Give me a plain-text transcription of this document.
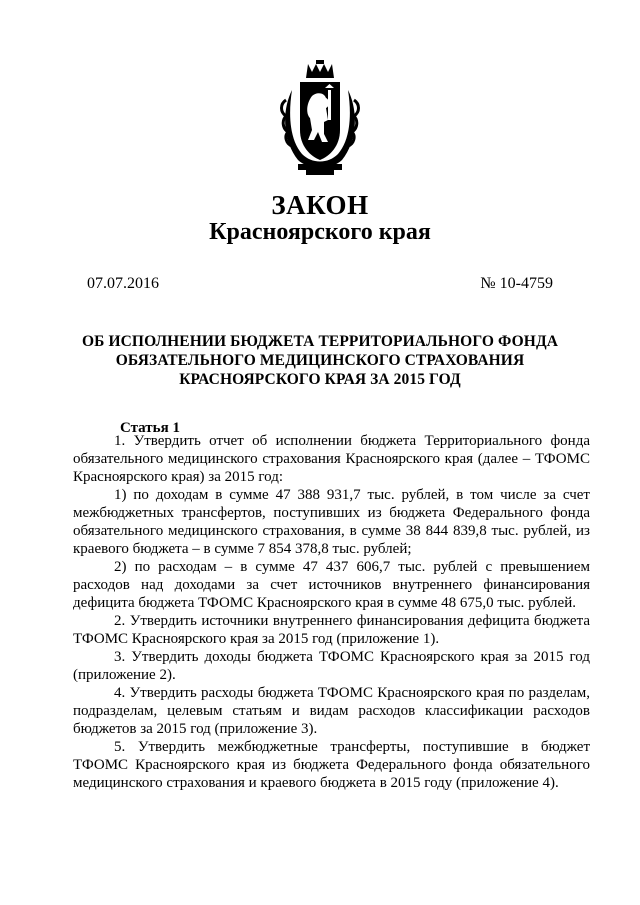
ЗАКОН
Красноярского края
07.07.2016	№ 10-4759
ОБ ИСПОЛНЕНИИ БЮДЖЕТА ТЕРРИТОРИАЛЬНОГО ФОНДА
ОБЯЗАТЕЛЬНОГО МЕДИЦИНСКОГО СТРАХОВАНИЯ
КРАСНОЯРСКОГО КРАЯ ЗА 2015 ГОД
Статья 1

1. Утвердить отчет об исполнении бюджета Территориального фонда обязательного медицинского страхования Красноярского края (далее – ТФОМС Красноярского края) за 2015 год:

1) по доходам в сумме 47 388 931,7 тыс. рублей, в том числе за счет межбюджетных трансфертов, поступивших из бюджета Федерального фонда обязательного медицинского страхования, в сумме 38 844 839,8 тыс. рублей, из краевого бюджета – в сумме 7 854 378,8 тыс. рублей;

2) по расходам – в сумме 47 437 606,7 тыс. рублей с превышением расходов над доходами за счет источников внутреннего финансирования дефицита бюджета ТФОМС Красноярского края в сумме 48 675,0 тыс. рублей.

2. Утвердить источники внутреннего финансирования дефицита бюджета ТФОМС Красноярского края за 2015 год (приложение 1).

3. Утвердить доходы бюджета ТФОМС Красноярского края за 2015 год (приложение 2).

4. Утвердить расходы бюджета ТФОМС Красноярского края по разделам, подразделам, целевым статьям и видам расходов классификации расходов бюджетов за 2015 год (приложение 3).

5. Утвердить межбюджетные трансферты, поступившие в бюджет ТФОМС Красноярского края из бюджета Федерального фонда обязательного медицинского страхования и краевого бюджета в 2015 году (приложение 4).
